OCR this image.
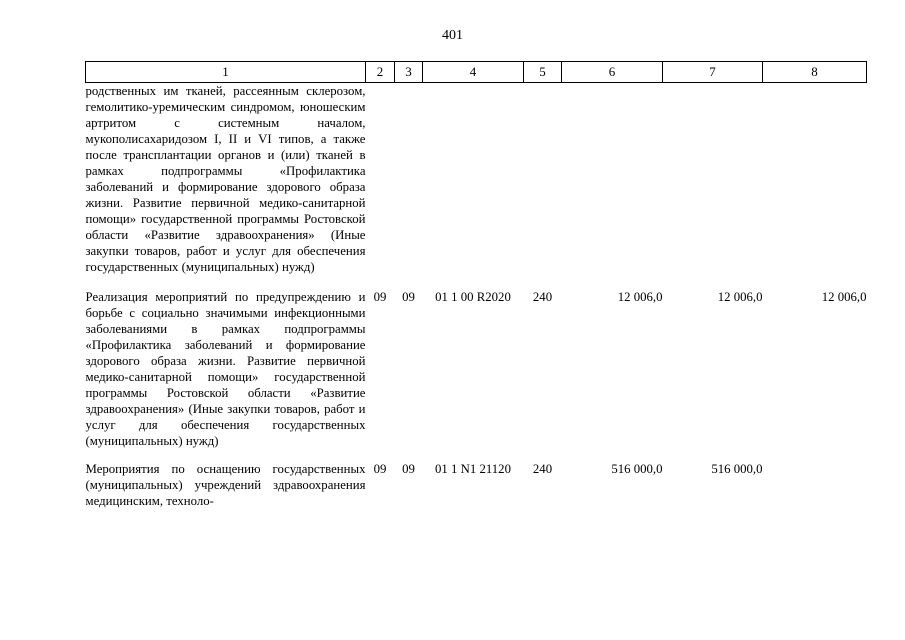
401
1	2	3	4	5	6	7	8
родственных им тканей, рассеянным склерозом, гемолитико-уремическим синдромом, юношеским артритом с системным началом, мукополисахаридозом I, II и VI типов, а также после трансплантации органов и (или) тканей в рамках подпрограммы «Профилактика заболеваний и формирование здорового образа жизни. Развитие первичной медико-санитарной помощи» государственной программы Ростовской области «Развитие здравоохранения» (Иные закупки товаров, работ и услуг для обеспечения государственных (муниципальных) нужд)							
Реализация мероприятий по предупреждению и борьбе с социально значимыми инфекционными заболеваниями в рамках подпрограммы «Профилактика заболеваний и формирование здорового образа жизни. Развитие первичной медико-санитарной помощи» государственной программы Ростовской области «Развитие здравоохранения» (Иные закупки товаров, работ и услуг для обеспечения государственных (муниципальных) нужд)	09	09	01 1 00 R2020	240	12 006,0	12 006,0	12 006,0
Мероприятия по оснащению государственных (муниципальных) учреждений здравоохранения медицинским, техноло-	09	09	01 1 N1 21120	240	516 000,0	516 000,0	
